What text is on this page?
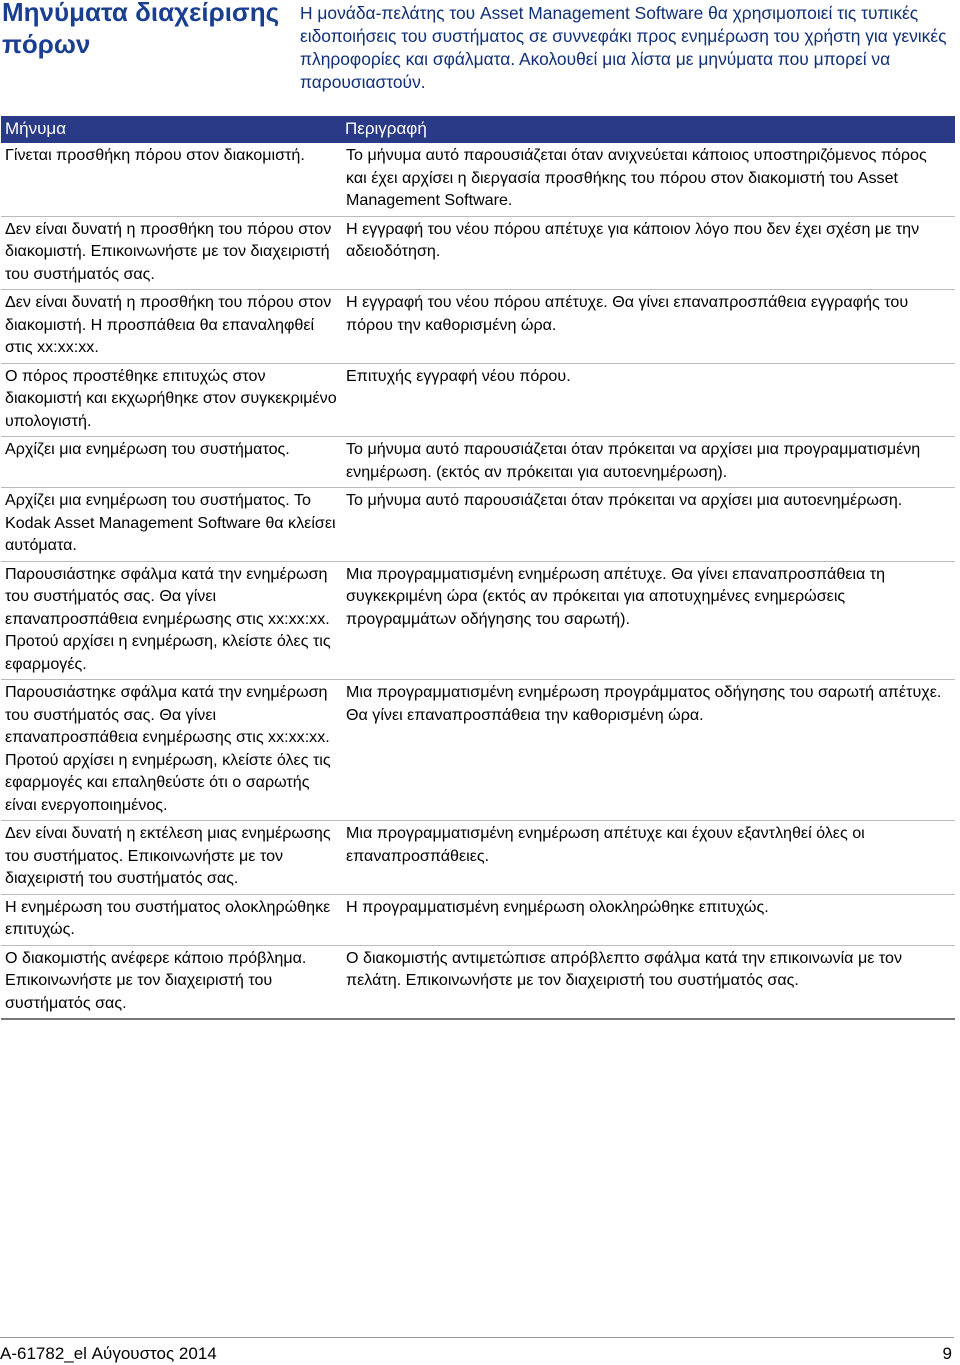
Μηνύματα διαχείρισης πόρων

Η μονάδα-πελάτης του Asset Management Software θα χρησιμοποιεί τις τυπικές ειδοποιήσεις του συστήματος σε συννεφάκι προς ενημέρωση του χρήστη για γενικές πληροφορίες και σφάλματα. Ακολουθεί μια λίστα με μηνύματα που μπορεί να παρουσιαστούν.

Μήνυμα	Περιγραφή
Γίνεται προσθήκη πόρου στον διακομιστή.	Το μήνυμα αυτό παρουσιάζεται όταν ανιχνεύεται κάποιος υποστηριζόμενος πόρος και έχει αρχίσει η διεργασία προσθήκης του πόρου στον διακομιστή του Asset Management Software.
Δεν είναι δυνατή η προσθήκη του πόρου στον διακομιστή. Επικοινωνήστε με τον διαχειριστή του συστήματός σας.	Η εγγραφή του νέου πόρου απέτυχε για κάποιον λόγο που δεν έχει σχέση με την αδειοδότηση.
Δεν είναι δυνατή η προσθήκη του πόρου στον διακομιστή. Η προσπάθεια θα επαναληφθεί στις xx:xx:xx.	Η εγγραφή του νέου πόρου απέτυχε. Θα γίνει επαναπροσπάθεια εγγραφής του πόρου την καθορισμένη ώρα.
Ο πόρος προστέθηκε επιτυχώς στον διακομιστή και εκχωρήθηκε στον συγκεκριμένο υπολογιστή.	Επιτυχής εγγραφή νέου πόρου.
Αρχίζει μια ενημέρωση του συστήματος.	Το μήνυμα αυτό παρουσιάζεται όταν πρόκειται να αρχίσει μια προγραμματισμένη ενημέρωση. (εκτός αν πρόκειται για αυτοενημέρωση).
Αρχίζει μια ενημέρωση του συστήματος. Το Kodak Asset Management Software θα κλείσει αυτόματα.	Το μήνυμα αυτό παρουσιάζεται όταν πρόκειται να αρχίσει μια αυτοενημέρωση.
Παρουσιάστηκε σφάλμα κατά την ενημέρωση του συστήματός σας. Θα γίνει επαναπροσπάθεια ενημέρωσης στις xx:xx:xx. Προτού αρχίσει η ενημέρωση, κλείστε όλες τις εφαρμογές.	Μια προγραμματισμένη ενημέρωση απέτυχε. Θα γίνει επαναπροσπάθεια τη συγκεκριμένη ώρα (εκτός αν πρόκειται για αποτυχημένες ενημερώσεις προγραμμάτων οδήγησης του σαρωτή).
Παρουσιάστηκε σφάλμα κατά την ενημέρωση του συστήματός σας. Θα γίνει επαναπροσπάθεια ενημέρωσης στις xx:xx:xx. Προτού αρχίσει η ενημέρωση, κλείστε όλες τις εφαρμογές και επαληθεύστε ότι ο σαρωτής είναι ενεργοποιημένος.	Μια προγραμματισμένη ενημέρωση προγράμματος οδήγησης του σαρωτή απέτυχε. Θα γίνει επαναπροσπάθεια την καθορισμένη ώρα.
Δεν είναι δυνατή η εκτέλεση μιας ενημέρωσης του συστήματος. Επικοινωνήστε με τον διαχειριστή του συστήματός σας.	Μια προγραμματισμένη ενημέρωση απέτυχε και έχουν εξαντληθεί όλες οι επαναπροσπάθειες.
Η ενημέρωση του συστήματος ολοκληρώθηκε επιτυχώς.	Η προγραμματισμένη ενημέρωση ολοκληρώθηκε επιτυχώς.
Ο διακομιστής ανέφερε κάποιο πρόβλημα. Επικοινωνήστε με τον διαχειριστή του συστήματός σας.	Ο διακομιστής αντιμετώπισε απρόβλεπτο σφάλμα κατά την επικοινωνία με τον πελάτη. Επικοινωνήστε με τον διαχειριστή του συστήματός σας.
A-61782_el Αύγουστος 2014	9
